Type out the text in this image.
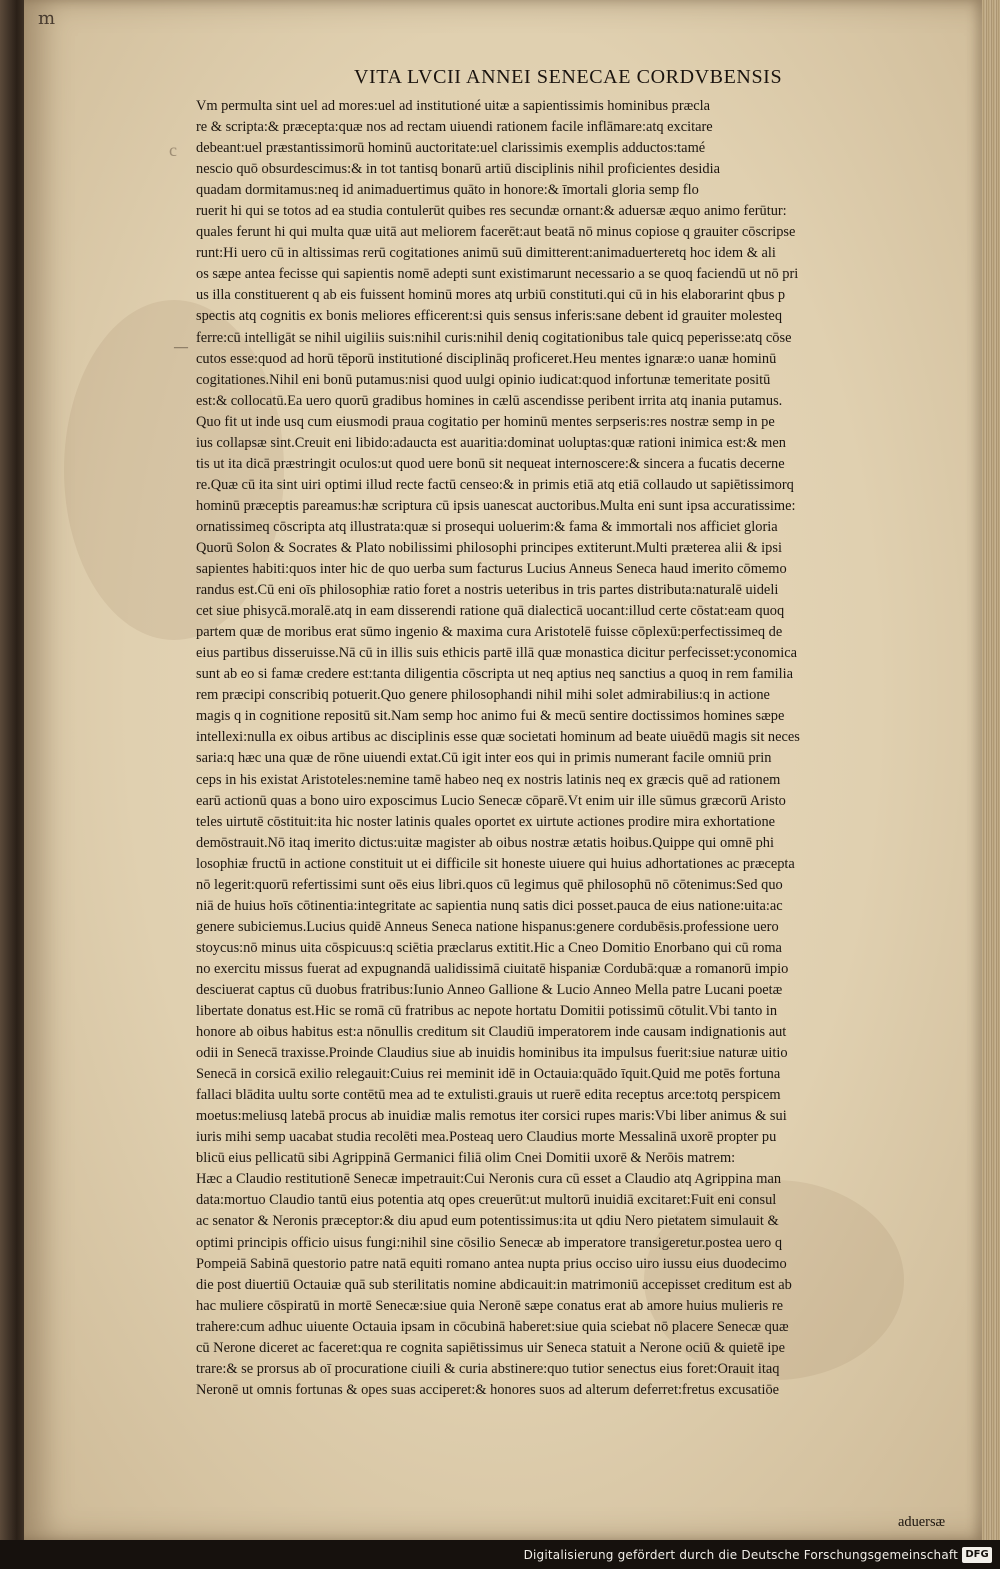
m
VITA LVCII ANNEI SENECAE CORDVBENSIS
c
—
Vm permulta sint uel ad mores:uel ad institutioné uitæ a sapientissimis hominibus præcla
re & scripta:& præcepta:quæ nos ad rectam uiuendi rationem facile inflāmare:atq excitare
debeant:uel præstantissimorū hominū auctoritate:uel clarissimis exemplis adductos:tamé
nescio quō obsurdescimus:& in tot tantisq bonarū artiū disciplinis nihil proficientes desidia
quadam dormitamus:neq id animaduertimus quāto in honore:& īmortali gloria semp flo
ruerit hi qui se totos ad ea studia contulerūt quibes res secundæ ornant:& aduersæ æquo animo ferūtur:
quales ferunt hi qui multa quæ uitā aut meliorem facerēt:aut beatā nō minus copiose q grauiter cōscripse
runt:Hi uero cū in altissimas rerū cogitationes animū suū dimitterent:animaduerteretq hoc idem & ali
os sæpe antea fecisse qui sapientis nomē adepti sunt existimarunt necessario a se quoq faciendū ut nō pri
us illa constituerent q ab eis fuissent hominū mores atq urbiū constituti.qui cū in his elaborarint qbus p
spectis atq cognitis ex bonis meliores efficerent:si quis sensus inferis:sane debent id grauiter molesteq
ferre:cū intelligāt se nihil uigiliis suis:nihil curis:nihil deniq cogitationibus tale quicq peperisse:atq cōse
cutos esse:quod ad horū tēporū institutioné disciplināq proficeret.Heu mentes ignaræ:o uanæ hominū
cogitationes.Nihil eni bonū putamus:nisi quod uulgi opinio iudicat:quod infortunæ temeritate positū
est:& collocatū.Ea uero quorū gradibus homines in cælū ascendisse peribent irrita atq inania putamus.
Quo fit ut inde usq cum eiusmodi praua cogitatio per hominū mentes serpseris:res nostræ semp in pe
ius collapsæ sint.Creuit eni libido:adaucta est auaritia:dominat uoluptas:quæ rationi inimica est:& men
tis ut ita dicā præstringit oculos:ut quod uere bonū sit nequeat internoscere:& sincera a fucatis decerne
re.Quæ cū ita sint uiri optimi illud recte factū censeo:& in primis etiā atq etiā collaudo ut sapiētissimorq
hominū præceptis pareamus:hæ scriptura cū ipsis uanescat auctoribus.Multa eni sunt ipsa accuratissime:
ornatissimeq cōscripta atq illustrata:quæ si prosequi uoluerim:& fama & immortali nos afficiet gloria
Quorū Solon & Socrates & Plato nobilissimi philosophi principes extiterunt.Multi præterea alii & ipsi
sapientes habiti:quos inter hic de quo uerba sum facturus Lucius Anneus Seneca haud imerito cōmemo
randus est.Cū eni oīs philosophiæ ratio foret a nostris ueteribus in tris partes distributa:naturalē uideli
cet siue phisycā.moralē.atq in eam disserendi ratione quā dialecticā uocant:illud certe cōstat:eam quoq
partem quæ de moribus erat sūmo ingenio & maxima cura Aristotelē fuisse cōplexū:perfectissimeq de
eius partibus disseruisse.Nā cū in illis suis ethicis partē illā quæ monastica dicitur perfecisset:yconomica
sunt ab eo si famæ credere est:tanta diligentia cōscripta ut neq aptius neq sanctius a quoq in rem familia
rem præcipi conscribiq potuerit.Quo genere philosophandi nihil mihi solet admirabilius:q in actione
magis q in cognitione repositū sit.Nam semp hoc animo fui & mecū sentire doctissimos homines sæpe
intellexi:nulla ex oibus artibus ac disciplinis esse quæ societati hominum ad beate uiuēdū magis sit neces
saria:q hæc una quæ de rōne uiuendi extat.Cū igit inter eos qui in primis numerant facile omniū prin
ceps in his existat Aristoteles:nemine tamē habeo neq ex nostris latinis neq ex græcis quē ad rationem
earū actionū quas a bono uiro exposcimus Lucio Senecæ cōparē.Vt enim uir ille sūmus græcorū Aristo
teles uirtutē cōstituit:ita hic noster latinis quales oportet ex uirtute actiones prodire mira exhortatione
demōstrauit.Nō itaq imerito dictus:uitæ magister ab oibus nostræ ætatis hoibus.Quippe qui omnē phi
losophiæ fructū in actione constituit ut ei difficile sit honeste uiuere qui huius adhortationes ac præcepta
nō legerit:quorū refertissimi sunt oēs eius libri.quos cū legimus quē philosophū nō cōtenimus:Sed quo
niā de huius hoīs cōtinentia:integritate ac sapientia nunq satis dici posset.pauca de eius natione:uita:ac
genere subiciemus.Lucius quidē Anneus Seneca natione hispanus:genere cordubēsis.professione uero
stoycus:nō minus uita cōspicuus:q sciētia præclarus extitit.Hic a Cneo Domitio Enorbano qui cū roma
no exercitu missus fuerat ad expugnandā ualidissimā ciuitatē hispaniæ Cordubā:quæ a romanorū impio
desciuerat captus cū duobus fratribus:Iunio Anneo Gallione & Lucio Anneo Mella patre Lucani poetæ
libertate donatus est.Hic se romā cū fratribus ac nepote hortatu Domitii potissimū cōtulit.Vbi tanto in
honore ab oibus habitus est:a nōnullis creditum sit Claudiū imperatorem inde causam indignationis aut
odii in Senecā traxisse.Proinde Claudius siue ab inuidis hominibus ita impulsus fuerit:siue naturæ uitio
Senecā in corsicā exilio relegauit:Cuius rei meminit idē in Octauia:quādo īquit.Quid me potēs fortuna
fallaci blādita uultu sorte contētū mea ad te extulisti.grauis ut ruerē edita receptus arce:totq perspicem
moetus:meliusq latebā procus ab inuidiæ malis remotus iter corsici rupes maris:Vbi liber animus & sui
iuris mihi semp uacabat studia recolēti mea.Posteaq uero Claudius morte Messalinā uxorē propter pu
blicū eius pellicatū sibi Agrippinā Germanici filiā olim Cnei Domitii uxorē & Nerōis matrem:
Hæc a Claudio restitutionē Senecæ impetrauit:Cui Neronis cura cū esset a Claudio atq Agrippina man
data:mortuo Claudio tantū eius potentia atq opes creuerūt:ut multorū inuidiā excitaret:Fuit eni consul
ac senator & Neronis præceptor:& diu apud eum potentissimus:ita ut qdiu Nero pietatem simulauit &
optimi principis officio uisus fungi:nihil sine cōsilio Senecæ ab imperatore transigeretur.postea uero q
Pompeiā Sabinā questorio patre natā equiti romano antea nupta prius occiso uiro iussu eius duodecimo
die post diuertiū Octauiæ quā sub sterilitatis nomine abdicauit:in matrimoniū accepisset creditum est ab
hac muliere cōspiratū in mortē Senecæ:siue quia Neronē sæpe conatus erat ab amore huius mulieris re
trahere:cum adhuc uiuente Octauia ipsam in cōcubinā haberet:siue quia sciebat nō placere Senecæ quæ
cū Nerone diceret ac faceret:qua re cognita sapiētissimus uir Seneca statuit a Nerone ociū & quietē ipe
trare:& se prorsus ab oī procuratione ciuili & curia abstinere:quo tutior senectus eius foret:Orauit itaq
Neronē ut omnis fortunas & opes suas acciperet:& honores suos ad alterum deferret:fretus excusatiōe
aduersæ
Digitalisierung gefördert durch die Deutsche Forschungsgemeinschaft DFG
